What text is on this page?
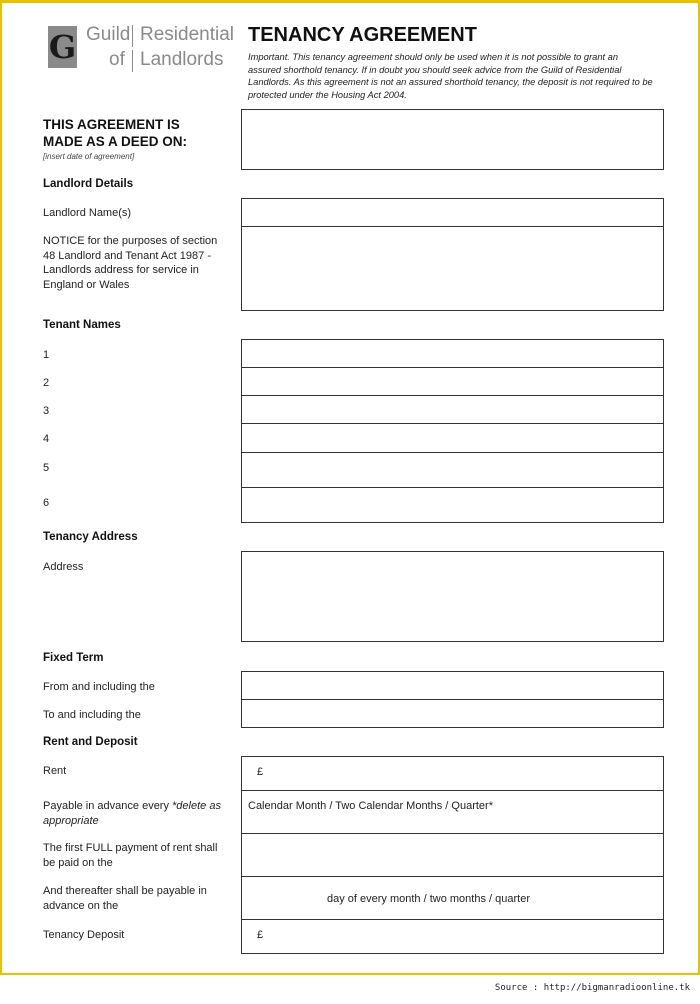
G Guild Residential
of Landlords
TENANCY AGREEMENT
Important. This tenancy agreement should only be used when it is not possible to grant an assured shorthold tenancy. If in doubt you should seek advice from the Guild of Residential Landlords. As this agreement is not an assured shorthold tenancy, the deposit is not required to be protected under the Housing Act 2004.
THIS AGREEMENT IS
MADE AS A DEED ON:
[insert date of agreement]
Landlord Details
Landlord Name(s)
NOTICE for the purposes of section 48 Landlord and Tenant Act 1987 - Landlords address for service in England or Wales
Tenant Names
1
2
3
4
5
6
Tenancy Address
Address
Fixed Term
From and including the
To and including the
Rent and Deposit
Rent	£
Payable in advance every *delete as appropriate
Calendar Month / Two Calendar Months / Quarter*
The first FULL payment of rent shall be paid on the
And thereafter shall be payable in advance on the
day of every month / two months / quarter
Tenancy Deposit	£
Source : http://bigmanradioonline.tk
